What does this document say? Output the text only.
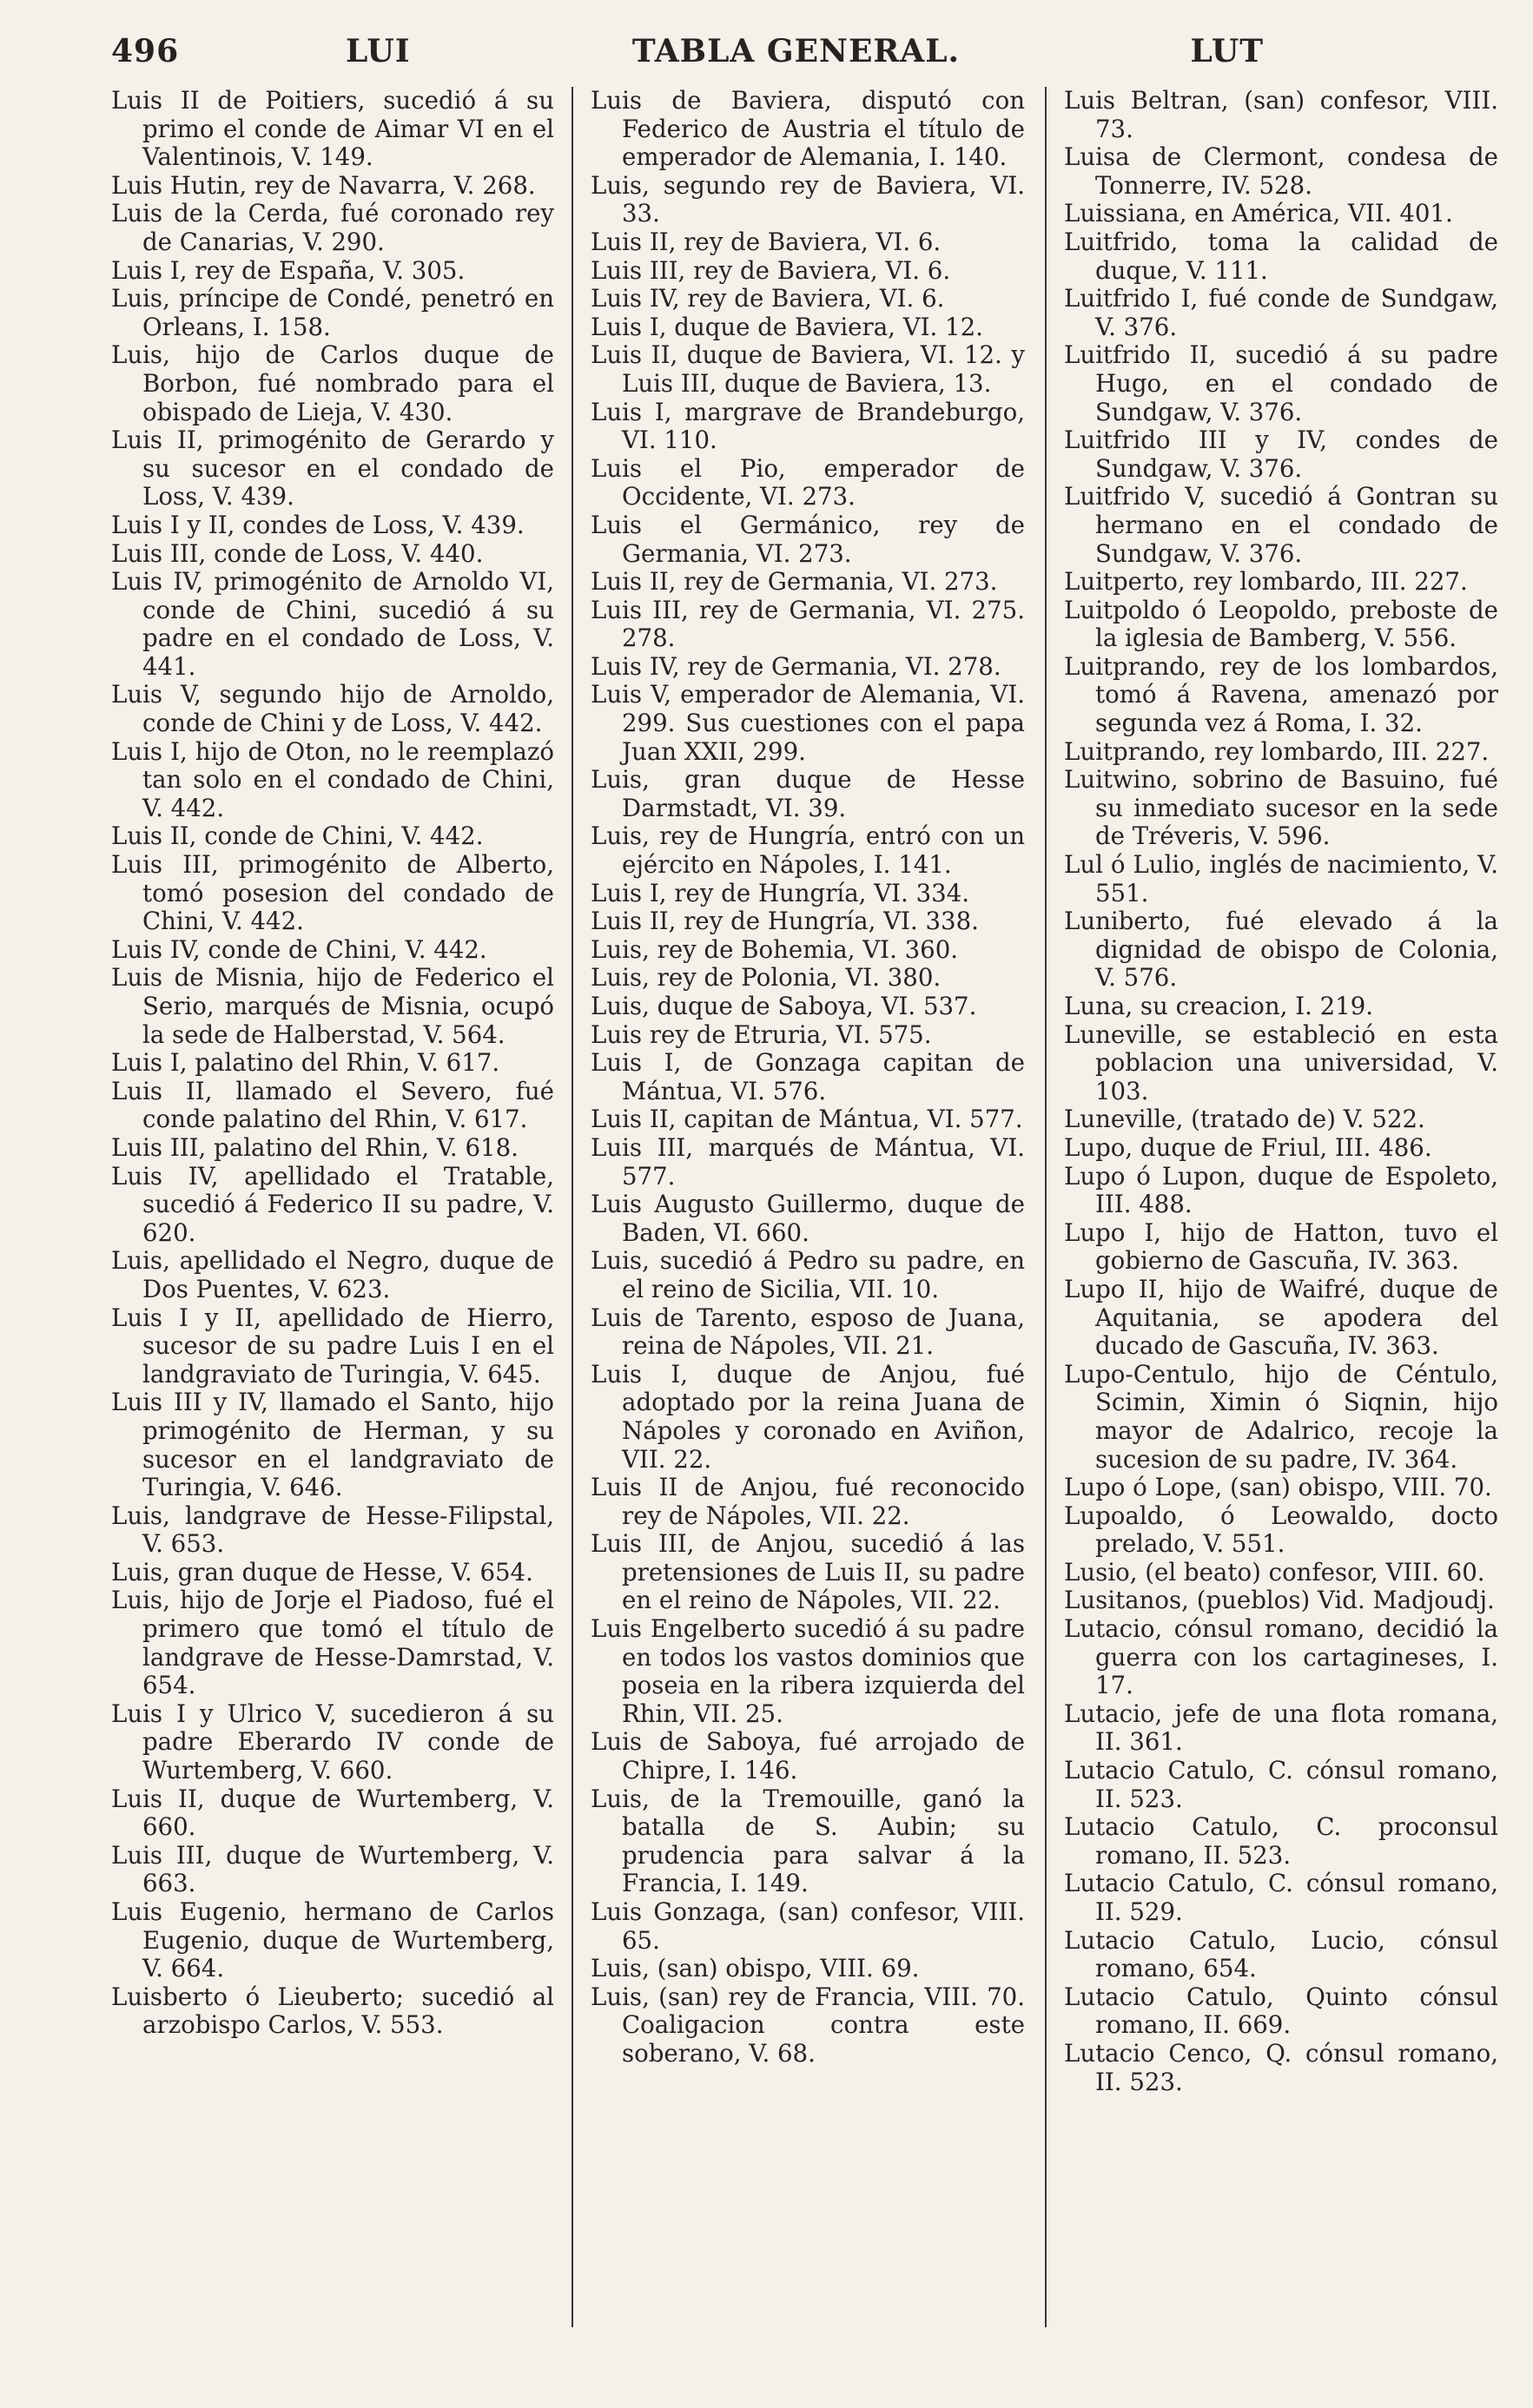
496	LUI	TABLA GENERAL.	LUT

Luis II de Poitiers, sucedió á su primo el conde de Aimar VI en el Valentinois, V. 149.

Luis Hutin, rey de Navarra, V. 268.

Luis de la Cerda, fué coronado rey de Canarias, V. 290.

Luis I, rey de España, V. 305.

Luis, príncipe de Condé, penetró en Orleans, I. 158.

Luis, hijo de Carlos duque de Borbon, fué nombrado para el obispado de Lieja, V. 430.

Luis II, primogénito de Gerardo y su sucesor en el condado de Loss, V. 439.

Luis I y II, condes de Loss, V. 439.

Luis III, conde de Loss, V. 440.

Luis IV, primogénito de Arnoldo VI, conde de Chini, sucedió á su padre en el condado de Loss, V. 441.

Luis V, segundo hijo de Arnoldo, conde de Chini y de Loss, V. 442.

Luis I, hijo de Oton, no le reemplazó tan solo en el condado de Chini, V. 442.

Luis II, conde de Chini, V. 442.

Luis III, primogénito de Alberto, tomó posesion del condado de Chini, V. 442.

Luis IV, conde de Chini, V. 442.

Luis de Misnia, hijo de Federico el Serio, marqués de Misnia, ocupó la sede de Halberstad, V. 564.

Luis I, palatino del Rhin, V. 617.

Luis II, llamado el Severo, fué conde palatino del Rhin, V. 617.

Luis III, palatino del Rhin, V. 618.

Luis IV, apellidado el Tratable, sucedió á Federico II su padre, V. 620.

Luis, apellidado el Negro, duque de Dos Puentes, V. 623.

Luis I y II, apellidado de Hierro, sucesor de su padre Luis I en el landgraviato de Turingia, V. 645.

Luis III y IV, llamado el Santo, hijo primogénito de Herman, y su sucesor en el landgraviato de Turingia, V. 646.

Luis, landgrave de Hesse-Filipstal, V. 653.

Luis, gran duque de Hesse, V. 654.

Luis, hijo de Jorje el Piadoso, fué el primero que tomó el título de landgrave de Hesse-Damrstad, V. 654.

Luis I y Ulrico V, sucedieron á su padre Eberardo IV conde de Wurtemberg, V. 660.

Luis II, duque de Wurtemberg, V. 660.

Luis III, duque de Wurtemberg, V. 663.

Luis Eugenio, hermano de Carlos Eugenio, duque de Wurtemberg, V. 664.

Luisberto ó Lieuberto; sucedió al arzobispo Carlos, V. 553.

Luis de Baviera, disputó con Federico de Austria el título de emperador de Alemania, I. 140.

Luis, segundo rey de Baviera, VI. 33.

Luis II, rey de Baviera, VI. 6.

Luis III, rey de Baviera, VI. 6.

Luis IV, rey de Baviera, VI. 6.

Luis I, duque de Baviera, VI. 12.

Luis II, duque de Baviera, VI. 12. y Luis III, duque de Baviera, 13.

Luis I, margrave de Brandeburgo, VI. 110.

Luis el Pio, emperador de Occidente, VI. 273.

Luis el Germánico, rey de Germania, VI. 273.

Luis II, rey de Germania, VI. 273.

Luis III, rey de Germania, VI. 275. 278.

Luis IV, rey de Germania, VI. 278.

Luis V, emperador de Alemania, VI. 299. Sus cuestiones con el papa Juan XXII, 299.

Luis, gran duque de Hesse Darmstadt, VI. 39.

Luis, rey de Hungría, entró con un ejército en Nápoles, I. 141.

Luis I, rey de Hungría, VI. 334.

Luis II, rey de Hungría, VI. 338.

Luis, rey de Bohemia, VI. 360.

Luis, rey de Polonia, VI. 380.

Luis, duque de Saboya, VI. 537.

Luis rey de Etruria, VI. 575.

Luis I, de Gonzaga capitan de Mántua, VI. 576.

Luis II, capitan de Mántua, VI. 577.

Luis III, marqués de Mántua, VI. 577.

Luis Augusto Guillermo, duque de Baden, VI. 660.

Luis, sucedió á Pedro su padre, en el reino de Sicilia, VII. 10.

Luis de Tarento, esposo de Juana, reina de Nápoles, VII. 21.

Luis I, duque de Anjou, fué adoptado por la reina Juana de Nápoles y coronado en Aviñon, VII. 22.

Luis II de Anjou, fué reconocido rey de Nápoles, VII. 22.

Luis III, de Anjou, sucedió á las pretensiones de Luis II, su padre en el reino de Nápoles, VII. 22.

Luis Engelberto sucedió á su padre en todos los vastos dominios que poseia en la ribera izquierda del Rhin, VII. 25.

Luis de Saboya, fué arrojado de Chipre, I. 146.

Luis, de la Tremouille, ganó la batalla de S. Aubin; su prudencia para salvar á la Francia, I. 149.

Luis Gonzaga, (san) confesor, VIII. 65.

Luis, (san) obispo, VIII. 69.

Luis, (san) rey de Francia, VIII. 70. Coaligacion contra este soberano, V. 68.

Luis Beltran, (san) confesor, VIII. 73.

Luisa de Clermont, condesa de Tonnerre, IV. 528.

Luissiana, en América, VII. 401.

Luitfrido, toma la calidad de duque, V. 111.

Luitfrido I, fué conde de Sundgaw, V. 376.

Luitfrido II, sucedió á su padre Hugo, en el condado de Sundgaw, V. 376.

Luitfrido III y IV, condes de Sundgaw, V. 376.

Luitfrido V, sucedió á Gontran su hermano en el condado de Sundgaw, V. 376.

Luitperto, rey lombardo, III. 227.

Luitpoldo ó Leopoldo, preboste de la iglesia de Bamberg, V. 556.

Luitprando, rey de los lombardos, tomó á Ravena, amenazó por segunda vez á Roma, I. 32.

Luitprando, rey lombardo, III. 227.

Luitwino, sobrino de Basuino, fué su inmediato sucesor en la sede de Tréveris, V. 596.

Lul ó Lulio, inglés de nacimiento, V. 551.

Luniberto, fué elevado á la dignidad de obispo de Colonia, V. 576.

Luna, su creacion, I. 219.

Luneville, se estableció en esta poblacion una universidad, V. 103.

Luneville, (tratado de) V. 522.

Lupo, duque de Friul, III. 486.

Lupo ó Lupon, duque de Espoleto, III. 488.

Lupo I, hijo de Hatton, tuvo el gobierno de Gascuña, IV. 363.

Lupo II, hijo de Waifré, duque de Aquitania, se apodera del ducado de Gascuña, IV. 363.

Lupo-Centulo, hijo de Céntulo, Scimin, Ximin ó Siqnin, hijo mayor de Adalrico, recoje la sucesion de su padre, IV. 364.

Lupo ó Lope, (san) obispo, VIII. 70.

Lupoaldo, ó Leowaldo, docto prelado, V. 551.

Lusio, (el beato) confesor, VIII. 60.

Lusitanos, (pueblos) Vid. Madjoudj.

Lutacio, cónsul romano, decidió la guerra con los cartagineses, I. 17.

Lutacio, jefe de una flota romana, II. 361.

Lutacio Catulo, C. cónsul romano, II. 523.

Lutacio Catulo, C. proconsul romano, II. 523.

Lutacio Catulo, C. cónsul romano, II. 529.

Lutacio Catulo, Lucio, cónsul romano, 654.

Lutacio Catulo, Quinto cónsul romano, II. 669.

Lutacio Cenco, Q. cónsul romano, II. 523.
